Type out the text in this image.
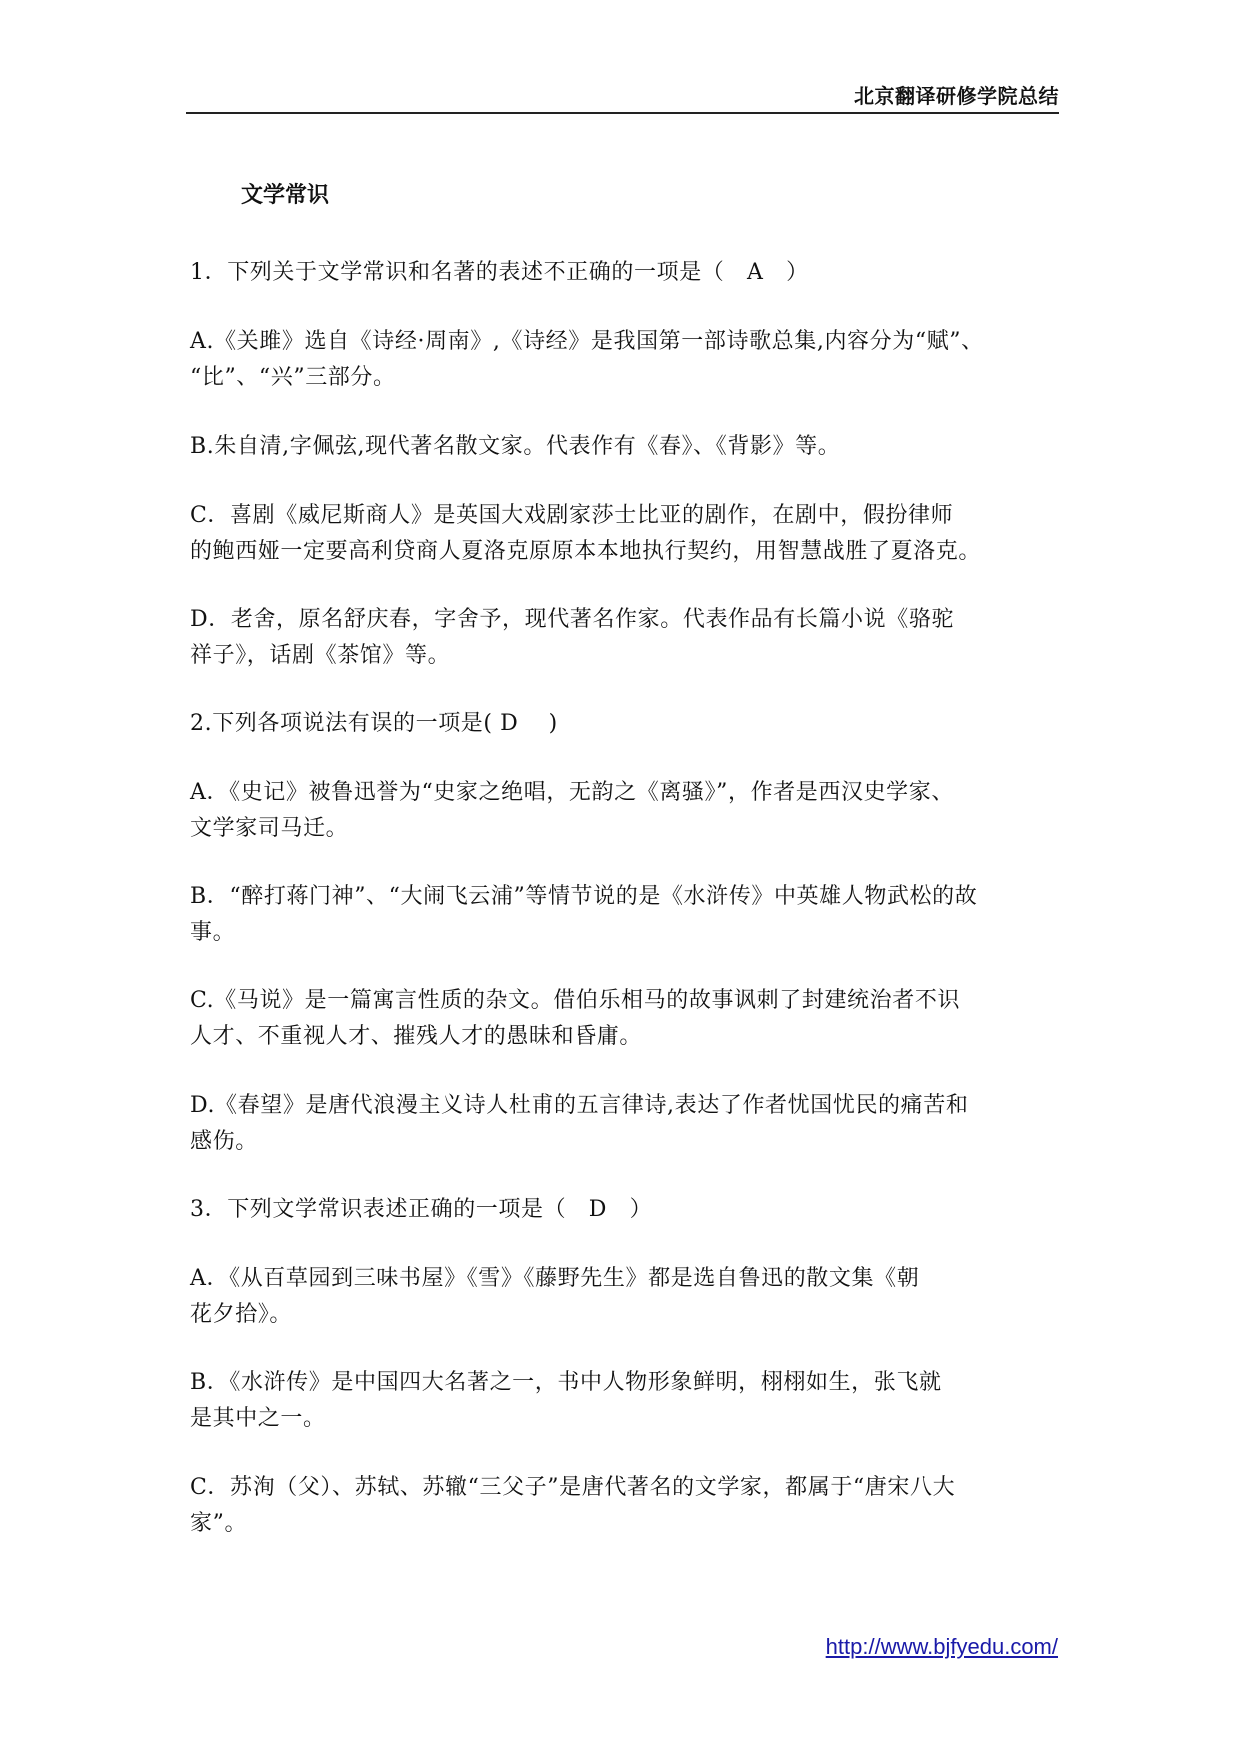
北京翻译研修学院总结
文学常识
1．下列关于文学常识和名著的表述不正确的一项是（　A　）
A.《关雎》选自《诗经·周南》,《诗经》是我国第一部诗歌总集,内容分为“赋”、
“比”、“兴”三部分。
B.朱自清,字佩弦,现代著名散文家。代表作有《春》、《背影》等。
C．喜剧《威尼斯商人》是英国大戏剧家莎士比亚的剧作，在剧中，假扮律师
的鲍西娅一定要高利贷商人夏洛克原原本本地执行契约，用智慧战胜了夏洛克。
D．老舍，原名舒庆春，字舍予，现代著名作家。代表作品有长篇小说《骆驼
祥子》，话剧《茶馆》等。
2.下列各项说法有误的一项是( D 　)
A．《史记》被鲁迅誉为“史家之绝唱，无韵之《离骚》”，作者是西汉史学家、
文学家司马迁。
B．“醉打蒋门神”、“大闹飞云浦”等情节说的是《水浒传》中英雄人物武松的故
事。
C.《马说》是一篇寓言性质的杂文。借伯乐相马的故事讽刺了封建统治者不识
人才、不重视人才、摧残人才的愚昧和昏庸。
D.《春望》是唐代浪漫主义诗人杜甫的五言律诗,表达了作者忧国忧民的痛苦和
感伤。
3．下列文学常识表述正确的一项是（　D　）
A．《从百草园到三味书屋》《雪》《藤野先生》都是选自鲁迅的散文集《朝
花夕拾》。
B．《水浒传》是中国四大名著之一，书中人物形象鲜明，栩栩如生，张飞就
是其中之一。
C．苏洵（父）、苏轼、苏辙“三父子”是唐代著名的文学家，都属于“唐宋八大
家”。
http://www.bjfyedu.com/
